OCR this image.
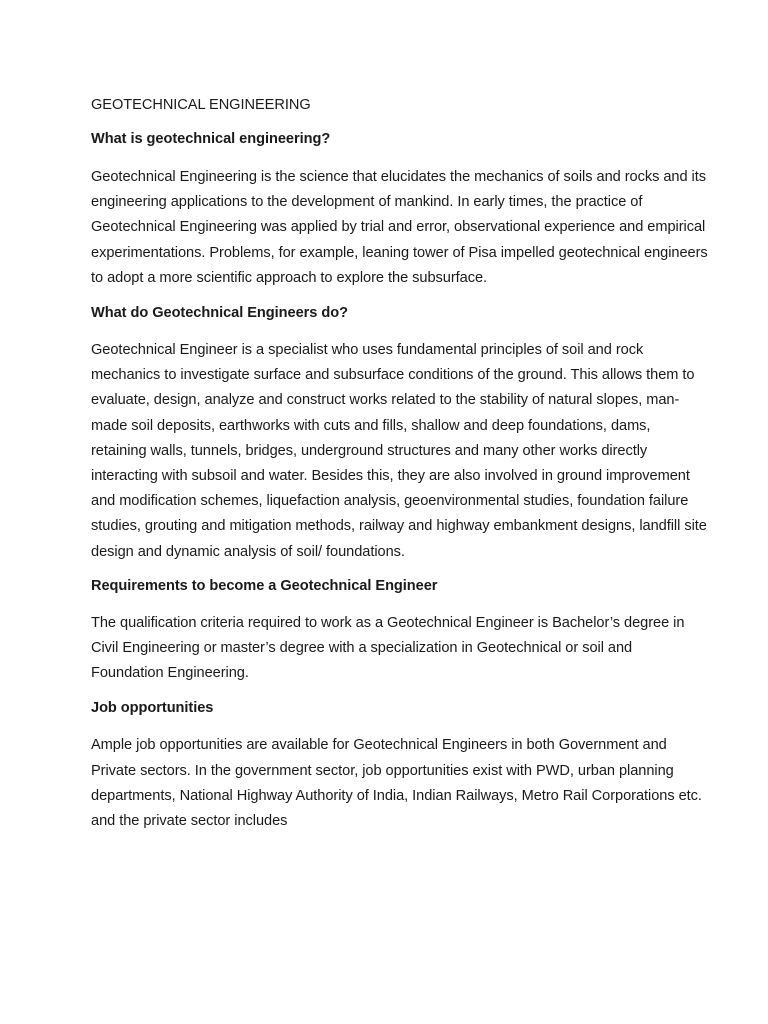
GEOTECHNICAL ENGINEERING

What is geotechnical engineering?

Geotechnical Engineering is the science that elucidates the mechanics of soils and rocks and its engineering applications to the development of mankind. In early times, the practice of Geotechnical Engineering was applied by trial and error, observational experience and empirical experimentations. Problems, for example, leaning tower of Pisa impelled geotechnical engineers to adopt a more scientific approach to explore the subsurface.

What do Geotechnical Engineers do?

Geotechnical Engineer is a specialist who uses fundamental principles of soil and rock mechanics to investigate surface and subsurface conditions of the ground. This allows them to evaluate, design, analyze and construct works related to the stability of natural slopes, man-made soil deposits, earthworks with cuts and fills, shallow and deep foundations, dams, retaining walls, tunnels, bridges, underground structures and many other works directly interacting with subsoil and water. Besides this, they are also involved in ground improvement and modification schemes, liquefaction analysis, geoenvironmental studies, foundation failure studies, grouting and mitigation methods, railway and highway embankment designs, landfill site design and dynamic analysis of soil/ foundations.

Requirements to become a Geotechnical Engineer

The qualification criteria required to work as a Geotechnical Engineer is Bachelor’s degree in Civil Engineering or master’s degree with a specialization in Geotechnical or soil and Foundation Engineering.

Job opportunities

Ample job opportunities are available for Geotechnical Engineers in both Government and Private sectors. In the government sector, job opportunities exist with PWD, urban planning departments, National Highway Authority of India, Indian Railways, Metro Rail Corporations etc. and the private sector includes
